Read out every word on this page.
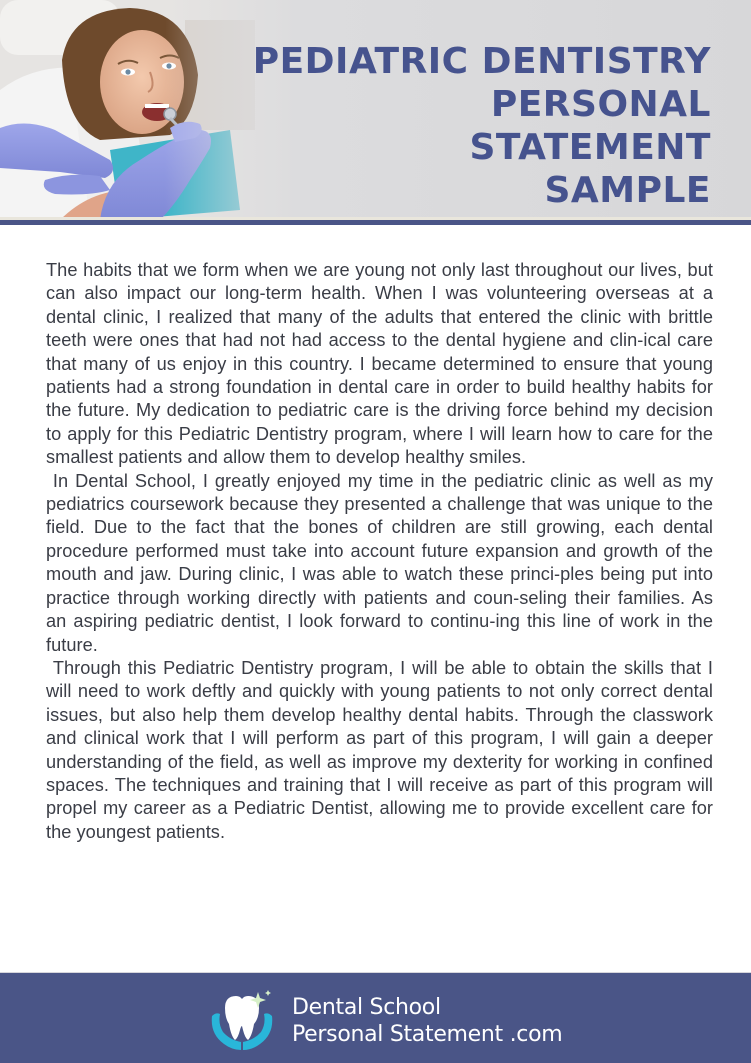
PEDIATRIC DENTISTRY
PERSONAL STATEMENT
SAMPLE

The habits that we form when we are young not only last throughout our lives, but can also impact our long-term health. When I was volunteering overseas at a dental clinic, I realized that many of the adults that entered the clinic with brittle teeth were ones that had not had access to the dental hygiene and clin-ical care that many of us enjoy in this country. I became determined to ensure that young patients had a strong foundation in dental care in order to build healthy habits for the future. My dedication to pediatric care is the driving force behind my decision to apply for this Pediatric Dentistry program, where I will learn how to care for the smallest patients and allow them to develop healthy smiles.

In Dental School, I greatly enjoyed my time in the pediatric clinic as well as my pediatrics coursework because they presented a challenge that was unique to the field. Due to the fact that the bones of children are still growing, each dental procedure performed must take into account future expansion and growth of the mouth and jaw. During clinic, I was able to watch these princi-ples being put into practice through working directly with patients and coun-seling their families. As an aspiring pediatric dentist, I look forward to continu-ing this line of work in the future.

Through this Pediatric Dentistry program, I will be able to obtain the skills that I will need to work deftly and quickly with young patients to not only correct dental issues, but also help them develop healthy dental habits. Through the classwork and clinical work that I will perform as part of this program, I will gain a deeper understanding of the field, as well as improve my dexterity for working in confined spaces. The techniques and training that I will receive as part of this program will propel my career as a Pediatric Dentist, allowing me to provide excellent care for the youngest patients.

Dental School
Personal Statement .com
